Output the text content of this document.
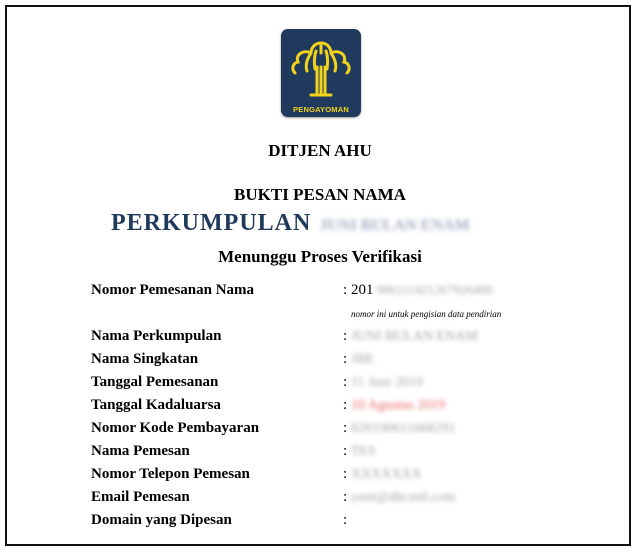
PENGAYOMAN
DITJEN AHU
BUKTI PESAN NAMA
PERKUMPULAN JUNI BULAN ENAM
Menunggu Proses Verifikasi
Nomor Pemesanan Nama	: 201 906111421267926400
nomor ini untuk pengisian data pendirian
Nama Perkumpulan	: JUNI BULAN ENAM
Nama Singkatan	: JBE
Tanggal Pemesanan	: 11 Juni 2019
Tanggal Kadaluarsa	: 10 Agustus 2019
Nomor Kode Pembayaran	: 820190611668291
Nama Pemesan	: TES
Nomor Telepon Pemesan	: XXXXXXX
Email Pemesan	: yunt@dhcmtl.com
Domain yang Dipesan	:
